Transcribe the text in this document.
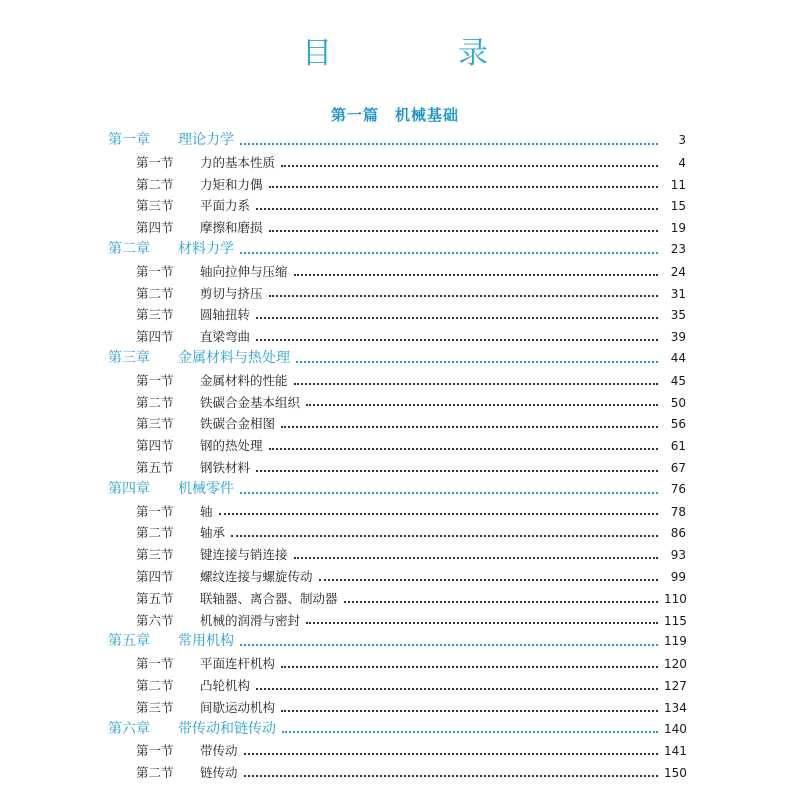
目　录
第一篇　机械基础
第一章	理论力学	3
第一节	力的基本性质	4
第二节	力矩和力偶	11
第三节	平面力系	15
第四节	摩擦和磨损	19
第二章	材料力学	23
第一节	轴向拉伸与压缩	24
第二节	剪切与挤压	31
第三节	圆轴扭转	35
第四节	直梁弯曲	39
第三章	金属材料与热处理	44
第一节	金属材料的性能	45
第二节	铁碳合金基本组织	50
第三节	铁碳合金相图	56
第四节	钢的热处理	61
第五节	钢铁材料	67
第四章	机械零件	76
第一节	轴	78
第二节	轴承	86
第三节	键连接与销连接	93
第四节	螺纹连接与螺旋传动	99
第五节	联轴器、离合器、制动器	110
第六节	机械的润滑与密封	115
第五章	常用机构	119
第一节	平面连杆机构	120
第二节	凸轮机构	127
第三节	间歇运动机构	134
第六章	带传动和链传动	140
第一节	带传动	141
第二节	链传动	150
